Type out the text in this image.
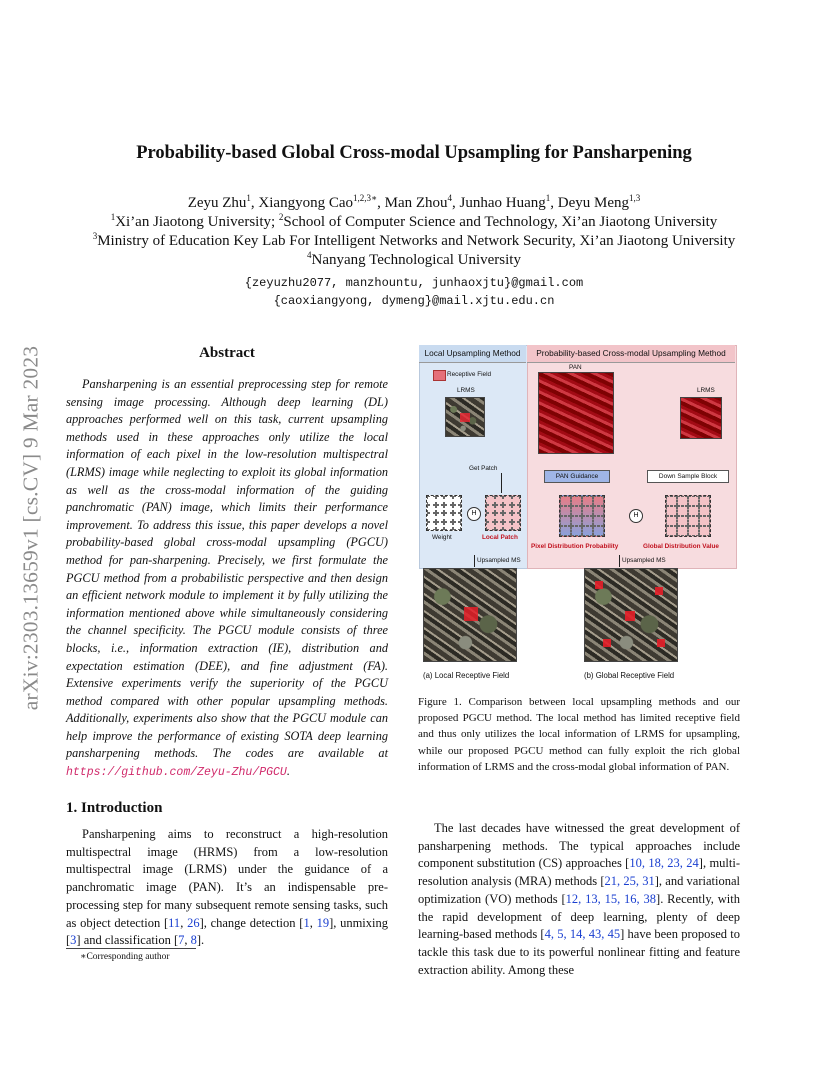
arXiv:2303.13659v1 [cs.CV] 9 Mar 2023
Probability-based Global Cross-modal Upsampling for Pansharpening
Zeyu Zhu$^1$, Xiangyong Cao$^{1,2,3∗}$, Man Zhou$^4$, Junhao Huang$^1$, Deyu Meng$^{1,3}$
$^1$Xi’an Jiaotong University; $^2$School of Computer Science and Technology, Xi’an Jiaotong University
$^3$Ministry of Education Key Lab For Intelligent Networks and Network Security, Xi’an Jiaotong University
$^4$Nanyang Technological University
{zeyuzhu2077, manzhountu, junhaoxjtu}@gmail.com
{caoxiangyong, dymeng}@mail.xjtu.edu.cn
Abstract
Pansharpening is an essential preprocessing step for remote sensing image processing. Although deep learning (DL) approaches performed well on this task, current upsampling methods used in these approaches only utilize the local information of each pixel in the low-resolution multispectral (LRMS) image while neglecting to exploit its global information as well as the cross-modal information of the guiding panchromatic (PAN) image, which limits their performance improvement. To address this issue, this paper develops a novel probability-based global cross-modal upsampling (PGCU) method for pan-sharpening. Precisely, we first formulate the PGCU method from a probabilistic perspective and then design an efficient network module to implement it by fully utilizing the information mentioned above while simultaneously considering the channel specificity. The PGCU module consists of three blocks, i.e., information extraction (IE), distribution and expectation estimation (DEE), and fine adjustment (FA). Extensive experiments verify the superiority of the PGCU method compared with other popular upsampling methods. Additionally, experiments also show that the PGCU module can help improve the performance of existing SOTA deep learning pansharpening methods. The codes are available at https://github.com/Zeyu-Zhu/PGCU.
1. Introduction
Pansharpening aims to reconstruct a high-resolution multispectral image (HRMS) from a low-resolution multispectral image (LRMS) under the guidance of a panchromatic image (PAN). It’s an indispensable pre-processing step for many subsequent remote sensing tasks, such as object detection [11, 26], change detection [1, 19], unmixing [3] and classification [7, 8].
∗Corresponding author
Local Upsampling Method	Probability-based Cross-modal Upsampling Method
Receptive Field
LRMS
Get Patch
H
Weight	Local Patch
PAN
LRMS
PAN Guidance	Down Sample Block
H
Pixel Distribution Probability	Global Distribution Value
Upsampled MS	Upsampled MS
(a) Local Receptive Field	(b) Global Receptive Field
Figure 1. Comparison between local upsampling methods and our proposed PGCU method. The local method has limited receptive field and thus only utilizes the local information of LRMS for upsampling, while our proposed PGCU method can fully exploit the rich global information of LRMS and the cross-modal global information of PAN.
The last decades have witnessed the great development of pansharpening methods. The typical approaches include component substitution (CS) approaches [10, 18, 23, 24], multi-resolution analysis (MRA) methods [21, 25, 31], and variational optimization (VO) methods [12, 13, 15, 16, 38]. Recently, with the rapid development of deep learning, plenty of deep learning-based methods [4, 5, 14, 43, 45] have been proposed to tackle this task due to its powerful nonlinear fitting and feature extraction ability. Among these
